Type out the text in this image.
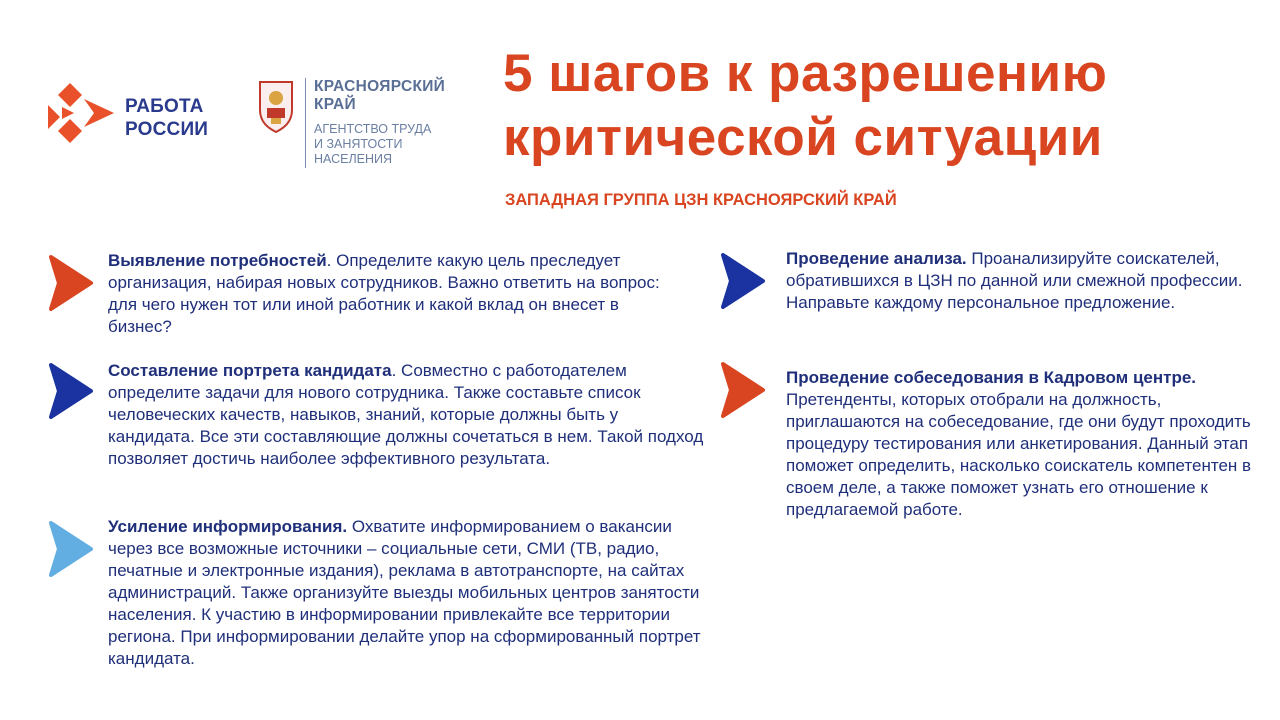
РАБОТА
РОССИИ
КРАСНОЯРСКИЙ
КРАЙ
АГЕНТСТВО ТРУДА
И ЗАНЯТОСТИ
НАСЕЛЕНИЯ
5 шагов к разрешению
критической ситуации
ЗАПАДНАЯ ГРУППА ЦЗН КРАСНОЯРСКИЙ КРАЙ
Выявление потребностей. Определите какую цель преследует организация, набирая новых сотрудников. Важно ответить на вопрос: для чего нужен тот или иной работник и какой вклад он внесет в бизнес?
Составление портрета кандидата. Совместно с работодателем определите задачи для нового сотрудника. Также составьте список человеческих качеств, навыков, знаний, которые должны быть у кандидата. Все эти составляющие должны сочетаться в нем. Такой подход позволяет достичь наиболее эффективного результата.
Усиление информирования. Охватите информированием о вакансии через все возможные источники – социальные сети, СМИ (ТВ, радио, печатные и электронные издания), реклама в автотранспорте, на сайтах администраций. Также организуйте выезды мобильных центров занятости населения. К участию в информировании привлекайте все территории региона. При информировании делайте упор на сформированный портрет кандидата.
Проведение анализа. Проанализируйте соискателей, обратившихся в ЦЗН по данной или смежной профессии. Направьте каждому персональное предложение.
Проведение собеседования в Кадровом центре. Претенденты, которых отобрали на должность, приглашаются на собеседование, где они будут проходить процедуру тестирования или анкетирования. Данный этап поможет определить, насколько соискатель компетентен в своем деле, а также поможет узнать его отношение к предлагаемой работе.
